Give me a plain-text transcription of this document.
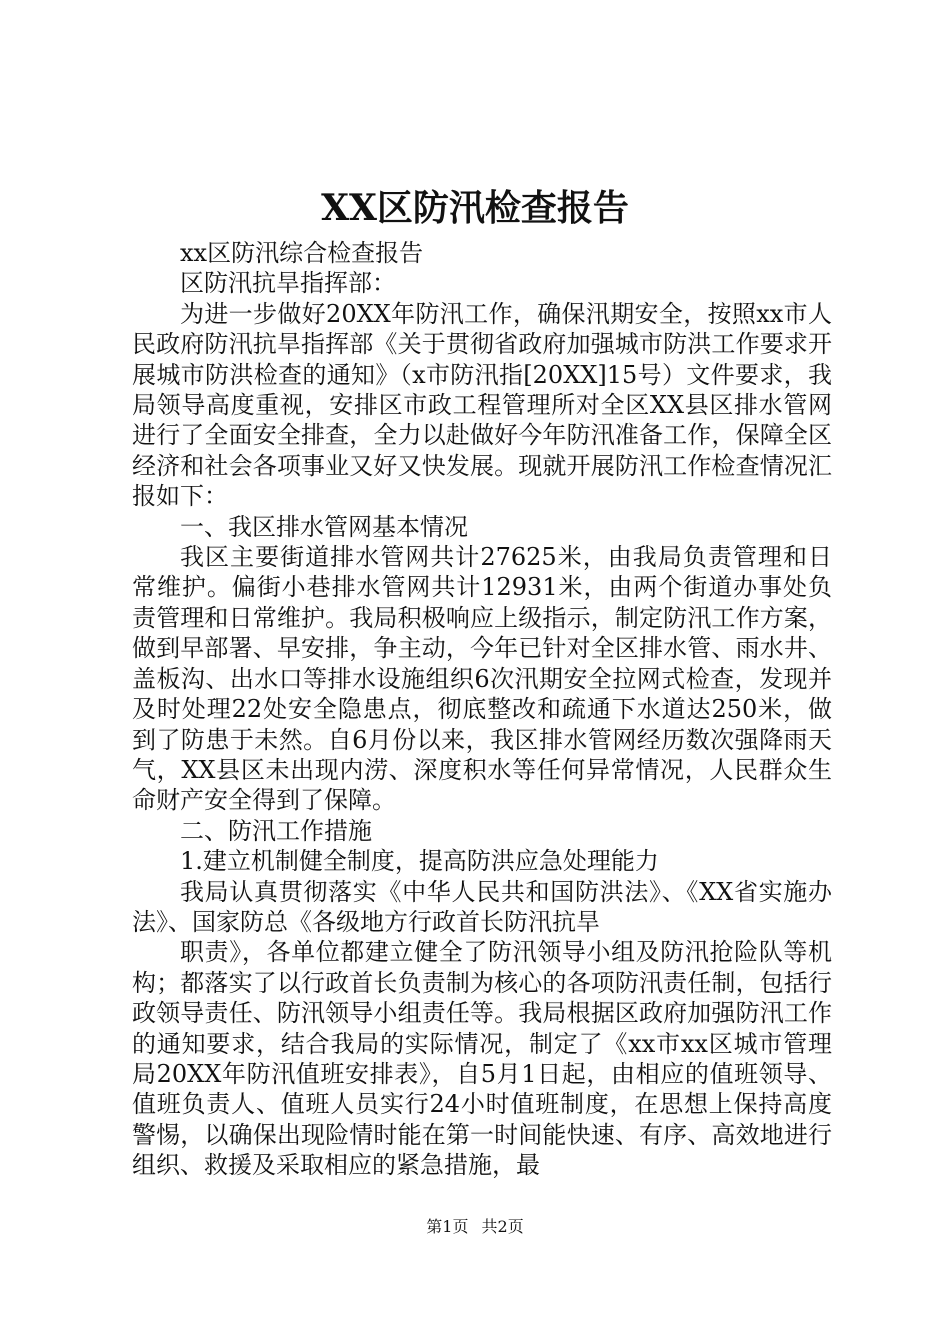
XX区防汛检查报告

xx区防汛综合检查报告

区防汛抗旱指挥部：

为进一步做好20XX年防汛工作，确保汛期安全，按照xx市人民政府防汛抗旱指挥部《关于贯彻省政府加强城市防洪工作要求开展城市防洪检查的通知》（x市防汛指[20XX]15号）文件要求，我局领导高度重视，安排区市政工程管理所对全区XX县区排水管网进行了全面安全排查，全力以赴做好今年防汛准备工作，保障全区经济和社会各项事业又好又快发展。现就开展防汛工作检查情况汇报如下：

一、我区排水管网基本情况

我区主要街道排水管网共计27625米，由我局负责管理和日常维护。偏街小巷排水管网共计12931米，由两个街道办事处负责管理和日常维护。我局积极响应上级指示，制定防汛工作方案，做到早部署、早安排，争主动，今年已针对全区排水管、雨水井、盖板沟、出水口等排水设施组织6次汛期安全拉网式检查，发现并及时处理22处安全隐患点，彻底整改和疏通下水道达250米，做到了防患于未然。自6月份以来，我区排水管网经历数次强降雨天气，XX县区未出现内涝、深度积水等任何异常情况，人民群众生命财产安全得到了保障。

二、防汛工作措施

1.建立机制健全制度，提高防洪应急处理能力

我局认真贯彻落实《中华人民共和国防洪法》、《XX省实施办法》、国家防总《各级地方行政首长防汛抗旱

职责》，各单位都建立健全了防汛领导小组及防汛抢险队等机构；都落实了以行政首长负责制为核心的各项防汛责任制，包括行政领导责任、防汛领导小组责任等。我局根据区政府加强防汛工作的通知要求，结合我局的实际情况，制定了《xx市xx区城市管理局20XX年防汛值班安排表》，自5月1日起，由相应的值班领导、值班负责人、值班人员实行24小时值班制度，在思想上保持高度警惕，以确保出现险情时能在第一时间能快速、有序、高效地进行组织、救援及采取相应的紧急措施，最

第1页 共2页
